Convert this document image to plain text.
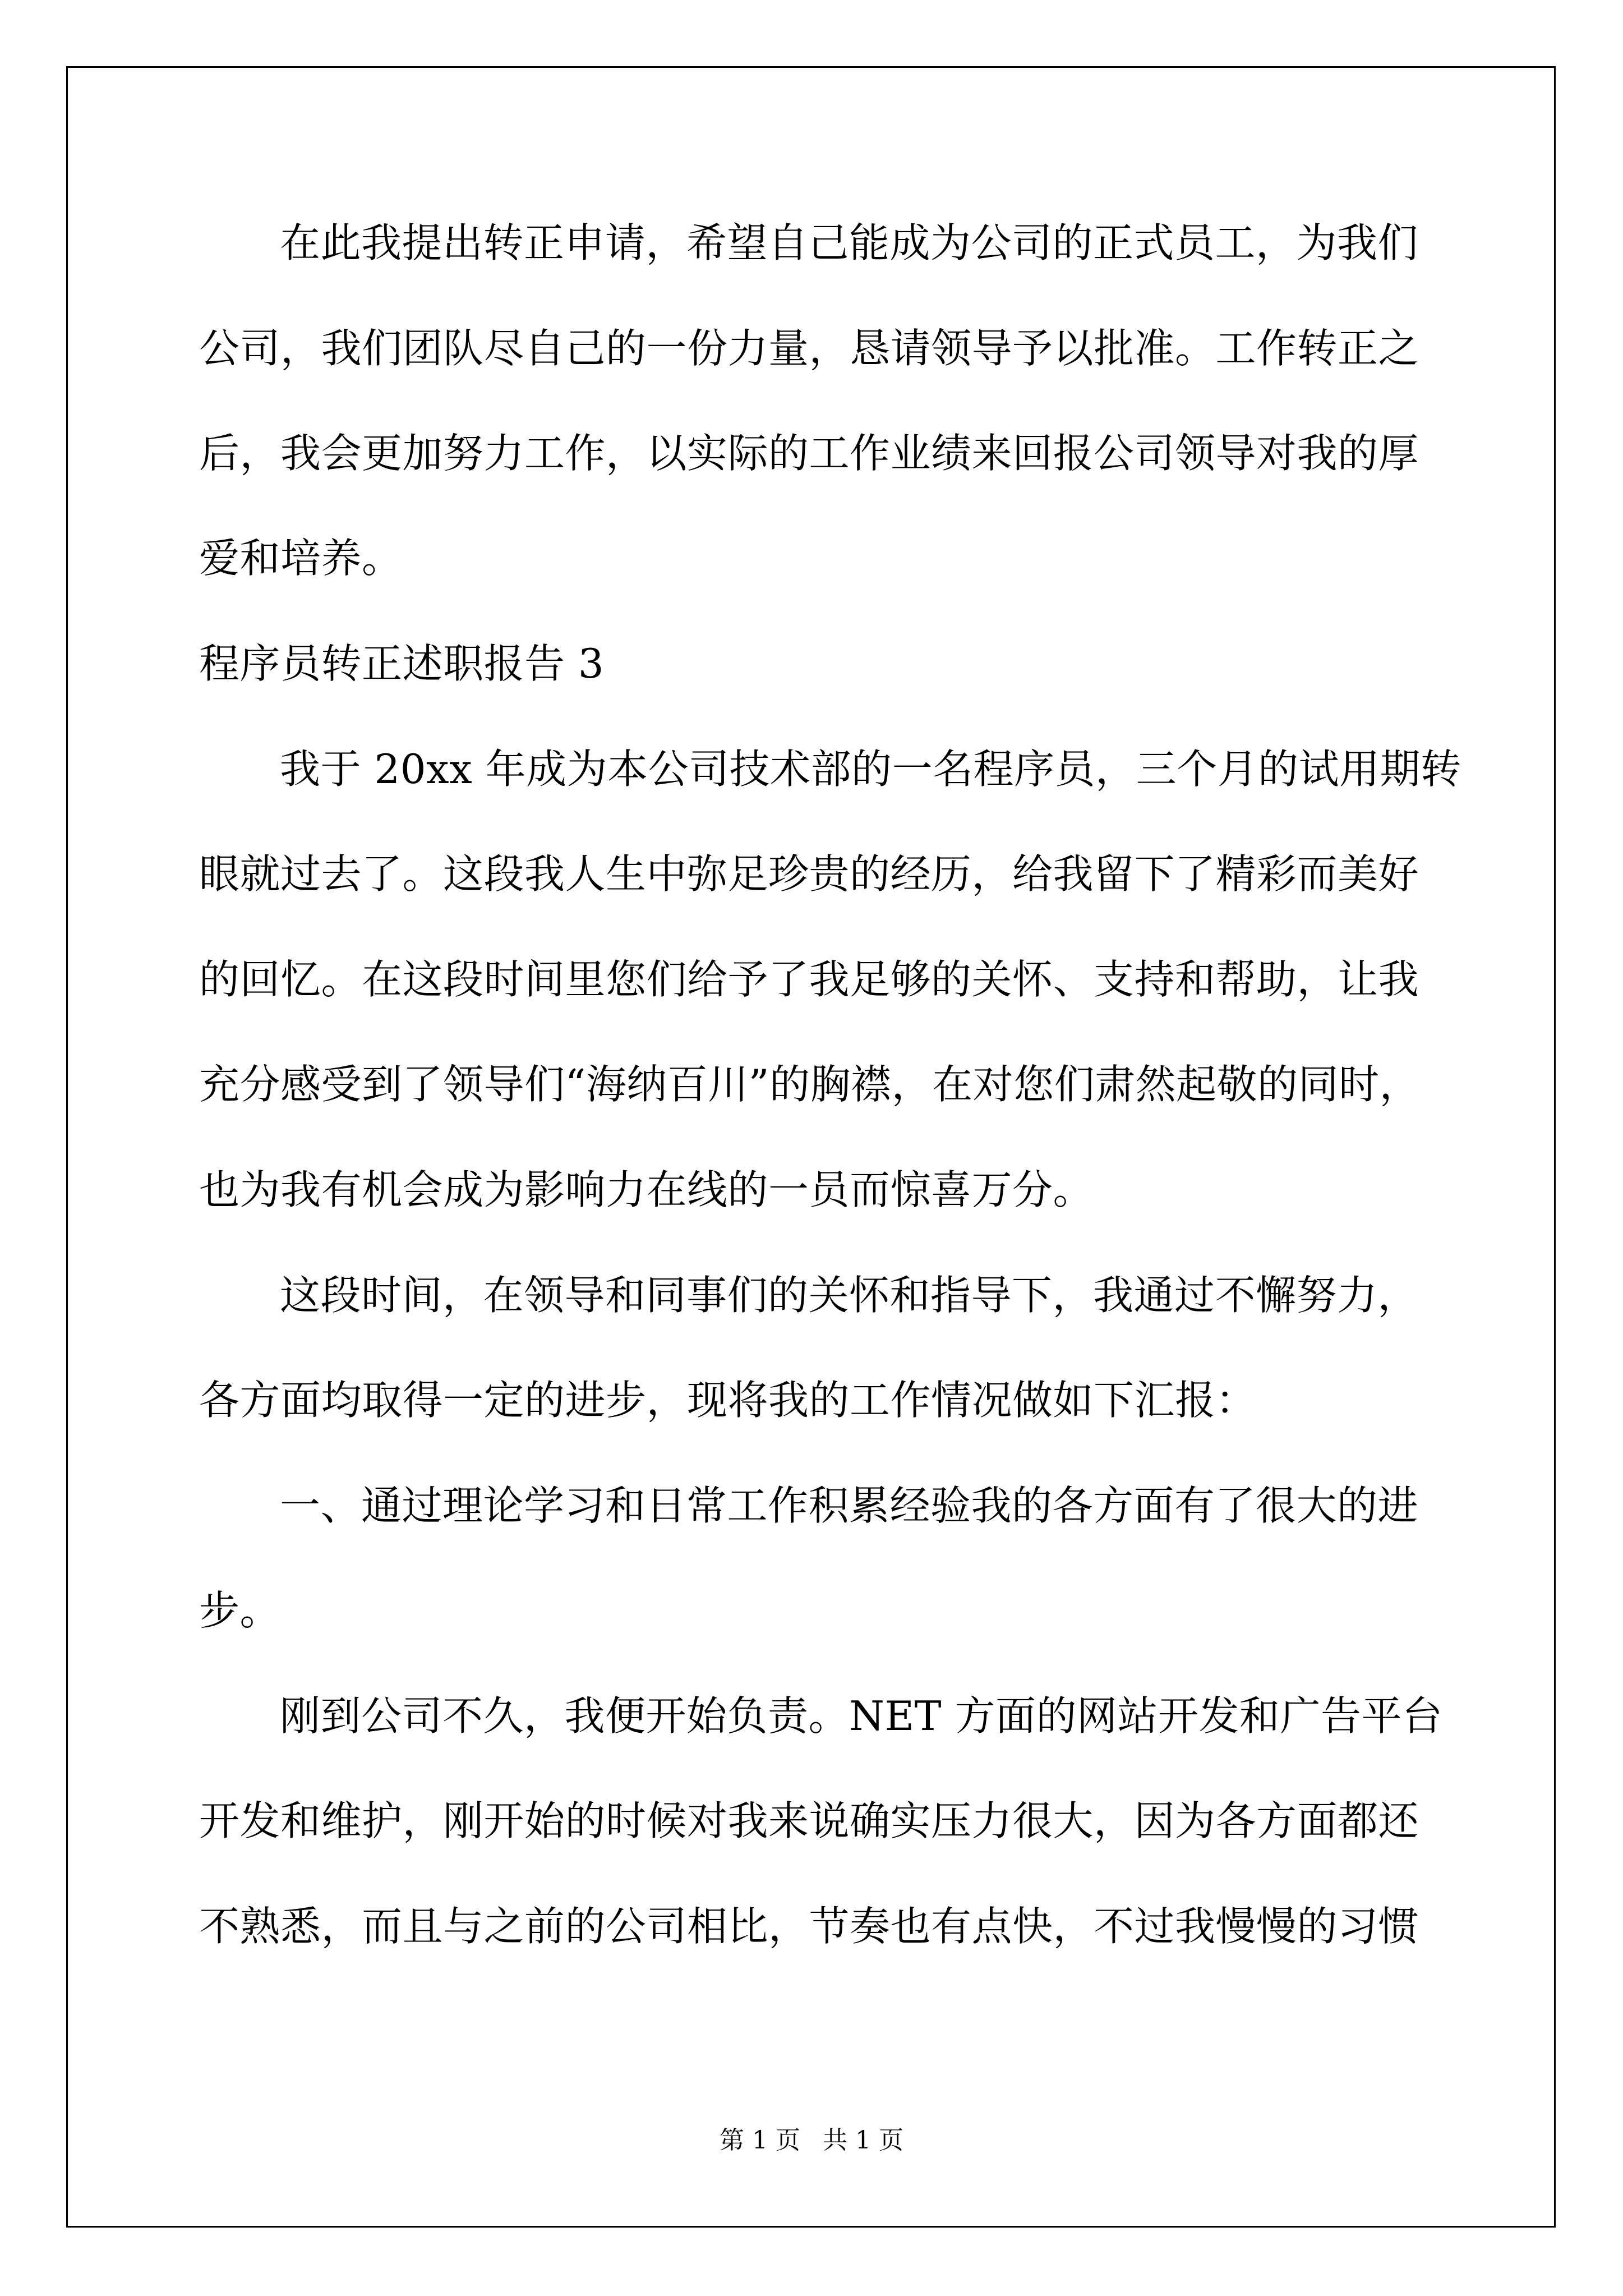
在此我提出转正申请，希望自己能成为公司的正式员工，为我们

公司，我们团队尽自己的一份力量，恳请领导予以批准。工作转正之

后，我会更加努力工作，以实际的工作业绩来回报公司领导对我的厚

爱和培养。

程序员转正述职报告 3

我于 20xx 年成为本公司技术部的一名程序员，三个月的试用期转

眼就过去了。这段我人生中弥足珍贵的经历，给我留下了精彩而美好

的回忆。在这段时间里您们给予了我足够的关怀、支持和帮助，让我

充分感受到了领导们“海纳百川”的胸襟，在对您们肃然起敬的同时，

也为我有机会成为影响力在线的一员而惊喜万分。

这段时间，在领导和同事们的关怀和指导下，我通过不懈努力，

各方面均取得一定的进步，现将我的工作情况做如下汇报：

一、通过理论学习和日常工作积累经验我的各方面有了很大的进

步。

刚到公司不久，我便开始负责。NET 方面的网站开发和广告平台

开发和维护，刚开始的时候对我来说确实压力很大，因为各方面都还

不熟悉，而且与之前的公司相比，节奏也有点快，不过我慢慢的习惯

第 1 页 共 1 页
